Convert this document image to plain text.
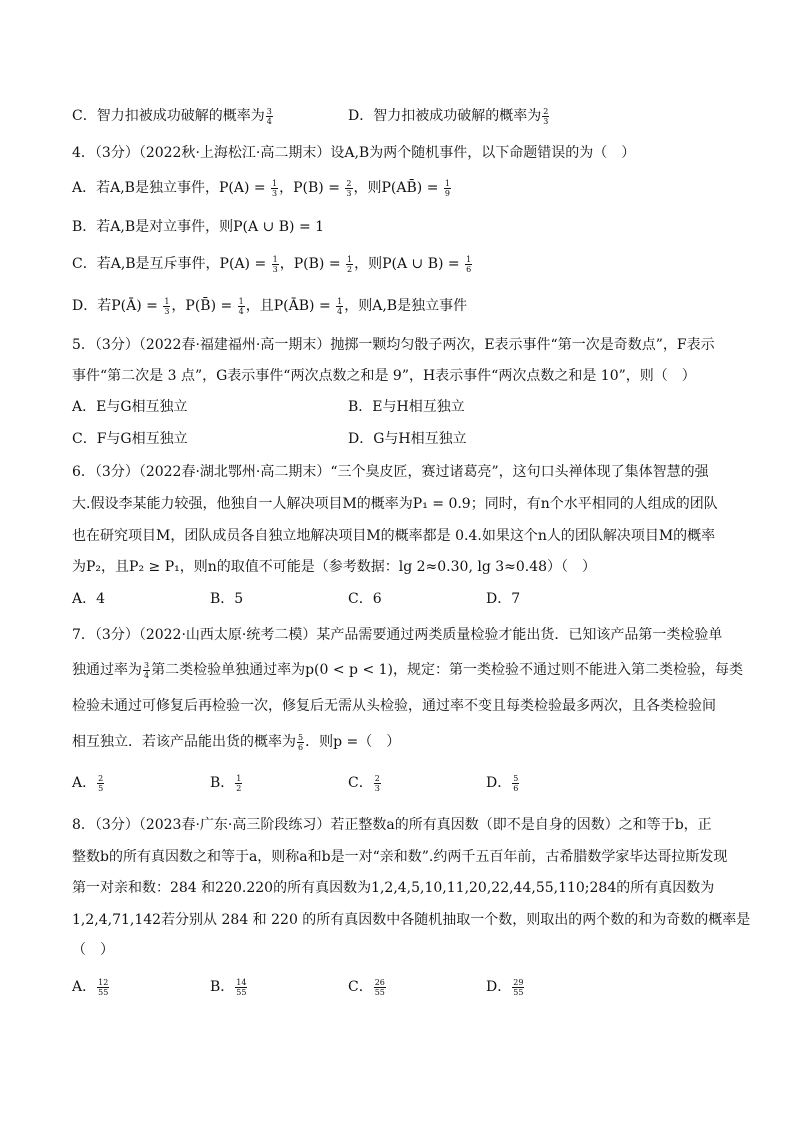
C．智力扣被成功破解的概率为 $\frac{3}{4}$	D．智力扣被成功破解的概率为 $\frac{2}{3}$
4．（3分）（2022秋·上海松江·高二期末）设A,B为两个随机事件，以下命题错误的为（　）
A．若A,B是独立事件，$P(A) = \frac{1}{3}$ ，$P(B) = \frac{2}{3}$ ，则P(AB̄) = $\frac{1}{9}$
B．若A,B是对立事件，则P(A ∪ B) = 1
C．若A,B是互斥事件，$P(A) = \frac{1}{3}$ ，$P(B) = \frac{1}{2}$ ，则P(A ∪ $B) = \frac{1}{6}$
D．若P(Ā) = $\frac{1}{3}$ ，P(B̄) = $\frac{1}{4}$ ，且P(ĀB) = $\frac{1}{4}$ ，则A,B是独立事件
5．（3分）（2022春·福建福州·高一期末）抛掷一颗均匀骰子两次，E表示事件“第一次是奇数点”，F表示
事件“第二次是 3 点”，G表示事件“两次点数之和是 9”，H表示事件“两次点数之和是 10”，则（　）
A．E与G相互独立	B．E与H相互独立
C．F与G相互独立	D．G与H相互独立
6．（3分）（2022春·湖北鄂州·高二期末）“三个臭皮匠，赛过诸葛亮”，这句口头禅体现了集体智慧的强
大.假设李某能力较强，他独自一人解决项目M的概率为P₁ = 0.9；同时，有n个水平相同的人组成的团队
也在研究项目M，团队成员各自独立地解决项目M的概率都是 0.4.如果这个n人的团队解决项目M的概率
为P₂，且P₂ ≥ P₁，则n的取值不可能是（参考数据：lg 2≈0.30, lg 3≈0.48）（　）
A．4	B．5	C．6	D．7
7．（3分）（2022·山西太原·统考二模）某产品需要通过两类质量检验才能出货．已知该产品第一类检验单
独通过率为 $\frac{3}{4}$ 第二类检验单独通过率为p(0 < p < 1)，规定：第一类检验不通过则不能进入第二类检验，每类
检验未通过可修复后再检验一次，修复后无需从头检验，通过率不变且每类检验最多两次，且各类检验间
相互独立．若该产品能出货的概率为 $\frac{5}{6}$ ．则p =（　）
A． $\frac{2}{5}$	B． $\frac{1}{2}$	C． $\frac{2}{3}$	D． $\frac{5}{6}$
8．（3分）（2023春·广东·高三阶段练习）若正整数a的所有真因数（即不是自身的因数）之和等于b，正
整数b的所有真因数之和等于a，则称a和b是一对“亲和数”.约两千五百年前，古希腊数学家毕达哥拉斯发现
第一对亲和数：284 和220.220的所有真因数为1,2,4,5,10,11,20,22,44,55,110;284的所有真因数为
1,2,4,71,142若分别从 284 和 220 的所有真因数中各随机抽取一个数，则取出的两个数的和为奇数的概率是
（　）
A． $\frac{12}{55}$	B． $\frac{14}{55}$	C． $\frac{26}{55}$	D． $\frac{29}{55}$
